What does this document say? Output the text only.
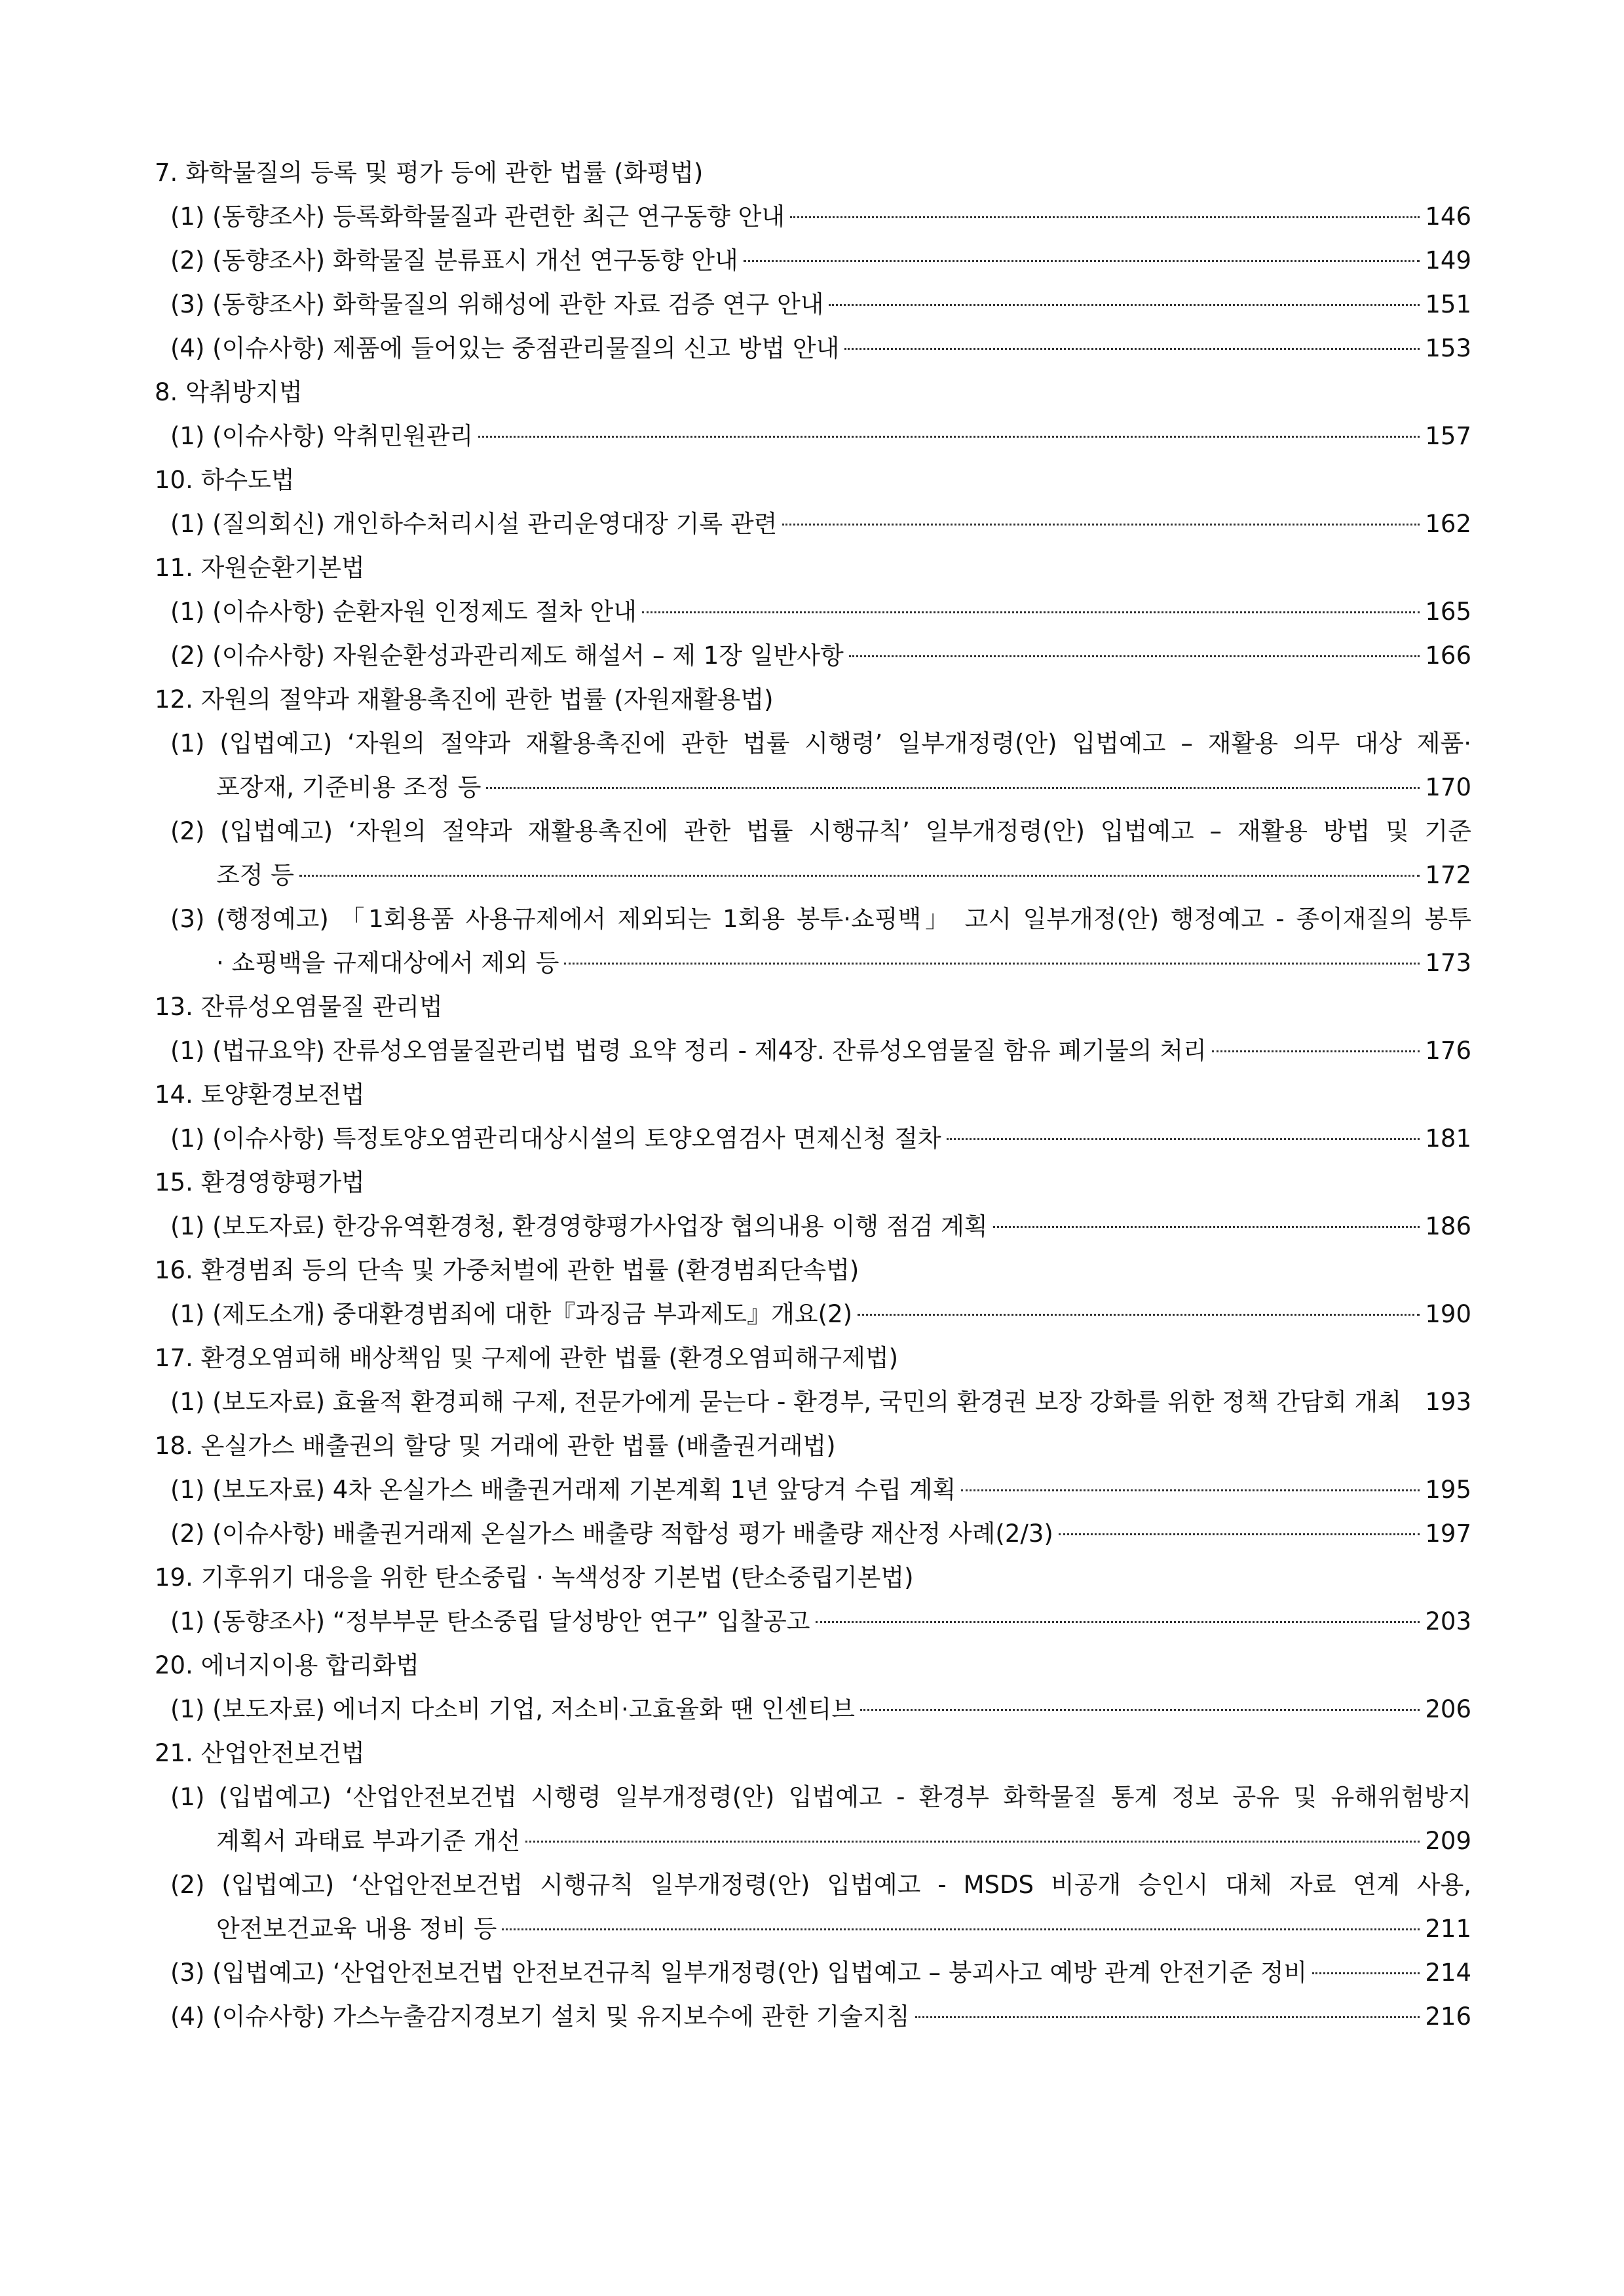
7. 화학물질의 등록 및 평가 등에 관한 법률 (화평법)
(1) (동향조사) 등록화학물질과 관련한 최근 연구동향 안내	146
(2) (동향조사) 화학물질 분류표시 개선 연구동향 안내	149
(3) (동향조사) 화학물질의 위해성에 관한 자료 검증 연구 안내	151
(4) (이슈사항) 제품에 들어있는 중점관리물질의 신고 방법 안내	153
8. 악취방지법
(1) (이슈사항) 악취민원관리	157
10. 하수도법
(1) (질의회신) 개인하수처리시설 관리운영대장 기록 관련	162
11. 자원순환기본법
(1) (이슈사항) 순환자원 인정제도 절차 안내	165
(2) (이슈사항) 자원순환성과관리제도 해설서 – 제 1장 일반사항	166
12. 자원의 절약과 재활용촉진에 관한 법률 (자원재활용법)
(1) (입법예고) ‘자원의 절약과 재활용촉진에 관한 법률 시행령’ 일부개정령(안) 입법예고 – 재활용 의무 대상 제품·
포장재, 기준비용 조정 등	170
(2) (입법예고) ‘자원의 절약과 재활용촉진에 관한 법률 시행규칙’ 일부개정령(안) 입법예고 – 재활용 방법 및 기준
조정 등	172
(3) (행정예고) 「1회용품 사용규제에서 제외되는 1회용 봉투·쇼핑백」 고시 일부개정(안) 행정예고 - 종이재질의 봉투
· 쇼핑백을 규제대상에서 제외 등	173
13. 잔류성오염물질 관리법
(1) (법규요약) 잔류성오염물질관리법 법령 요약 정리 - 제4장. 잔류성오염물질 함유 폐기물의 처리	176
14. 토양환경보전법
(1) (이슈사항) 특정토양오염관리대상시설의 토양오염검사 면제신청 절차	181
15. 환경영향평가법
(1) (보도자료) 한강유역환경청, 환경영향평가사업장 협의내용 이행 점검 계획	186
16. 환경범죄 등의 단속 및 가중처벌에 관한 법률 (환경범죄단속법)
(1) (제도소개) 중대환경범죄에 대한『과징금 부과제도』개요(2)	190
17. 환경오염피해 배상책임 및 구제에 관한 법률 (환경오염피해구제법)
(1) (보도자료) 효율적 환경피해 구제, 전문가에게 묻는다 - 환경부, 국민의 환경권 보장 강화를 위한 정책 간담회 개최 193
18. 온실가스 배출권의 할당 및 거래에 관한 법률 (배출권거래법)
(1) (보도자료) 4차 온실가스 배출권거래제 기본계획 1년 앞당겨 수립 계획	195
(2) (이슈사항) 배출권거래제 온실가스 배출량 적합성 평가 배출량 재산정 사례(2/3)	197
19. 기후위기 대응을 위한 탄소중립 · 녹색성장 기본법 (탄소중립기본법)
(1) (동향조사) “정부부문 탄소중립 달성방안 연구” 입찰공고	203
20. 에너지이용 합리화법
(1) (보도자료) 에너지 다소비 기업, 저소비·고효율화 땐 인센티브	206
21. 산업안전보건법
(1) (입법예고) ‘산업안전보건법 시행령 일부개정령(안) 입법예고 - 환경부 화학물질 통계 정보 공유 및 유해위험방지
계획서 과태료 부과기준 개선	209
(2) (입법예고) ‘산업안전보건법 시행규칙 일부개정령(안) 입법예고 - MSDS 비공개 승인시 대체 자료 연계 사용,
안전보건교육 내용 정비 등	211
(3) (입법예고) ‘산업안전보건법 안전보건규칙 일부개정령(안) 입법예고 – 붕괴사고 예방 관계 안전기준 정비	214
(4) (이슈사항) 가스누출감지경보기 설치 및 유지보수에 관한 기술지침	216
